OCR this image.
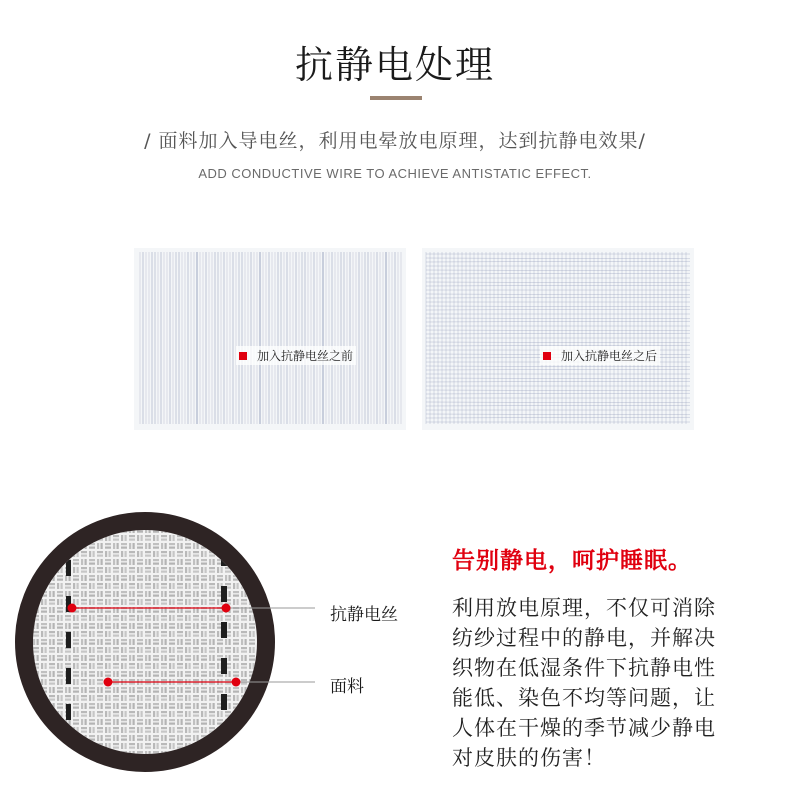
抗静电处理
/ 面料加入导电丝，利用电晕放电原理，达到抗静电效果/
ADD CONDUCTIVE WIRE TO ACHIEVE ANTISTATIC EFFECT.
加入抗静电丝之前	加入抗静电丝之后
抗静电丝
面料
告别静电，呵护睡眠。
利用放电原理，不仅可消除
纺纱过程中的静电，并解决
织物在低湿条件下抗静电性
能低、染色不均等问题，让
人体在干燥的季节减少静电
对皮肤的伤害！
